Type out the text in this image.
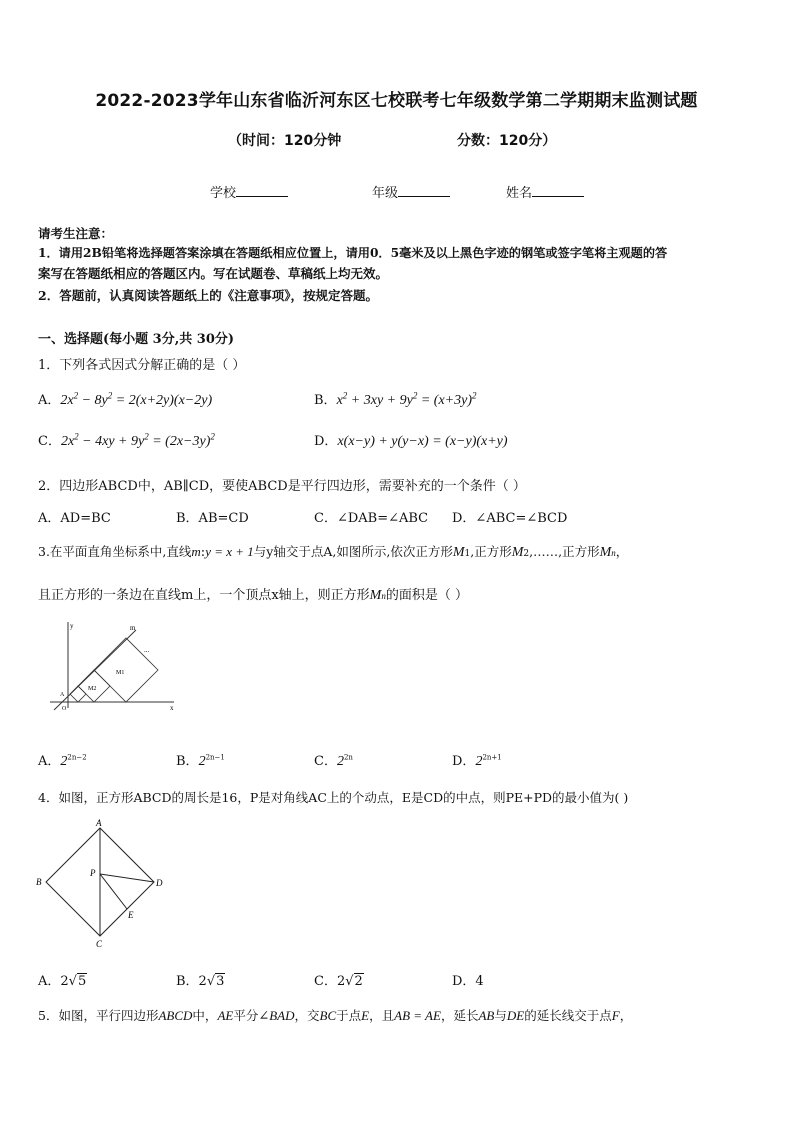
2022-2023学年山东省临沂河东区七校联考七年级数学第二学期期末监测试题
（时间：120分钟	分数：120分）
学校	年级	姓名
请考生注意：
1．请用2B铅笔将选择题答案涂填在答题纸相应位置上，请用0．5毫米及以上黑色字迹的钢笔或签字笔将主观题的答
案写在答题纸相应的答题区内。写在试题卷、草稿纸上均无效。
2．答题前，认真阅读答题纸上的《注意事项》，按规定答题。
一、选择题(每小题 3分,共 30分)
1．下列各式因式分解正确的是（ ）
A．$2x^2 - 8y^2 = 2(x+2y)(x-2y)$	B．$x^2 + 3xy + 9y^2 = (x+3y)^2$
C．$2x^2 - 4xy + 9y^2 = (2x-3y)^2$	D．x(x−y) + y(y−x) = (x−y)(x+y)
2．四边形ABCD中，AB∥CD，要使ABCD是平行四边形，需要补充的一个条件（ ）
A．AD=BC	B．AB=CD	C．∠DAB=∠ABC D．∠ABC=∠BCD
3.在平面直角坐标系中,直线m:y = x + 1与y轴交于点A,如图所示,依次正方形M1,正方形M2,……,正方形Mn，
且正方形的一条边在直线m上，一个顶点x轴上，则正方形Mn的面积是（ ）
y	m
x
A
O
M2
M1
...
A．$2^{2n-2}$	B．$2^{2n-1}$	C．$2^{2n}$	D．$2^{2n+1}$
4．如图，正方形ABCD的周长是16，P是对角线AC上的个动点，E是CD的中点，则PE+PD的最小值为( )
A
B	D
C
P
E
A．2√5	B．2√3	C．2√2	D．4
5．如图，平行四边形ABCD中，AE平分∠BAD，交BC于点E，且AB = AE，延长AB与DE的延长线交于点F，
